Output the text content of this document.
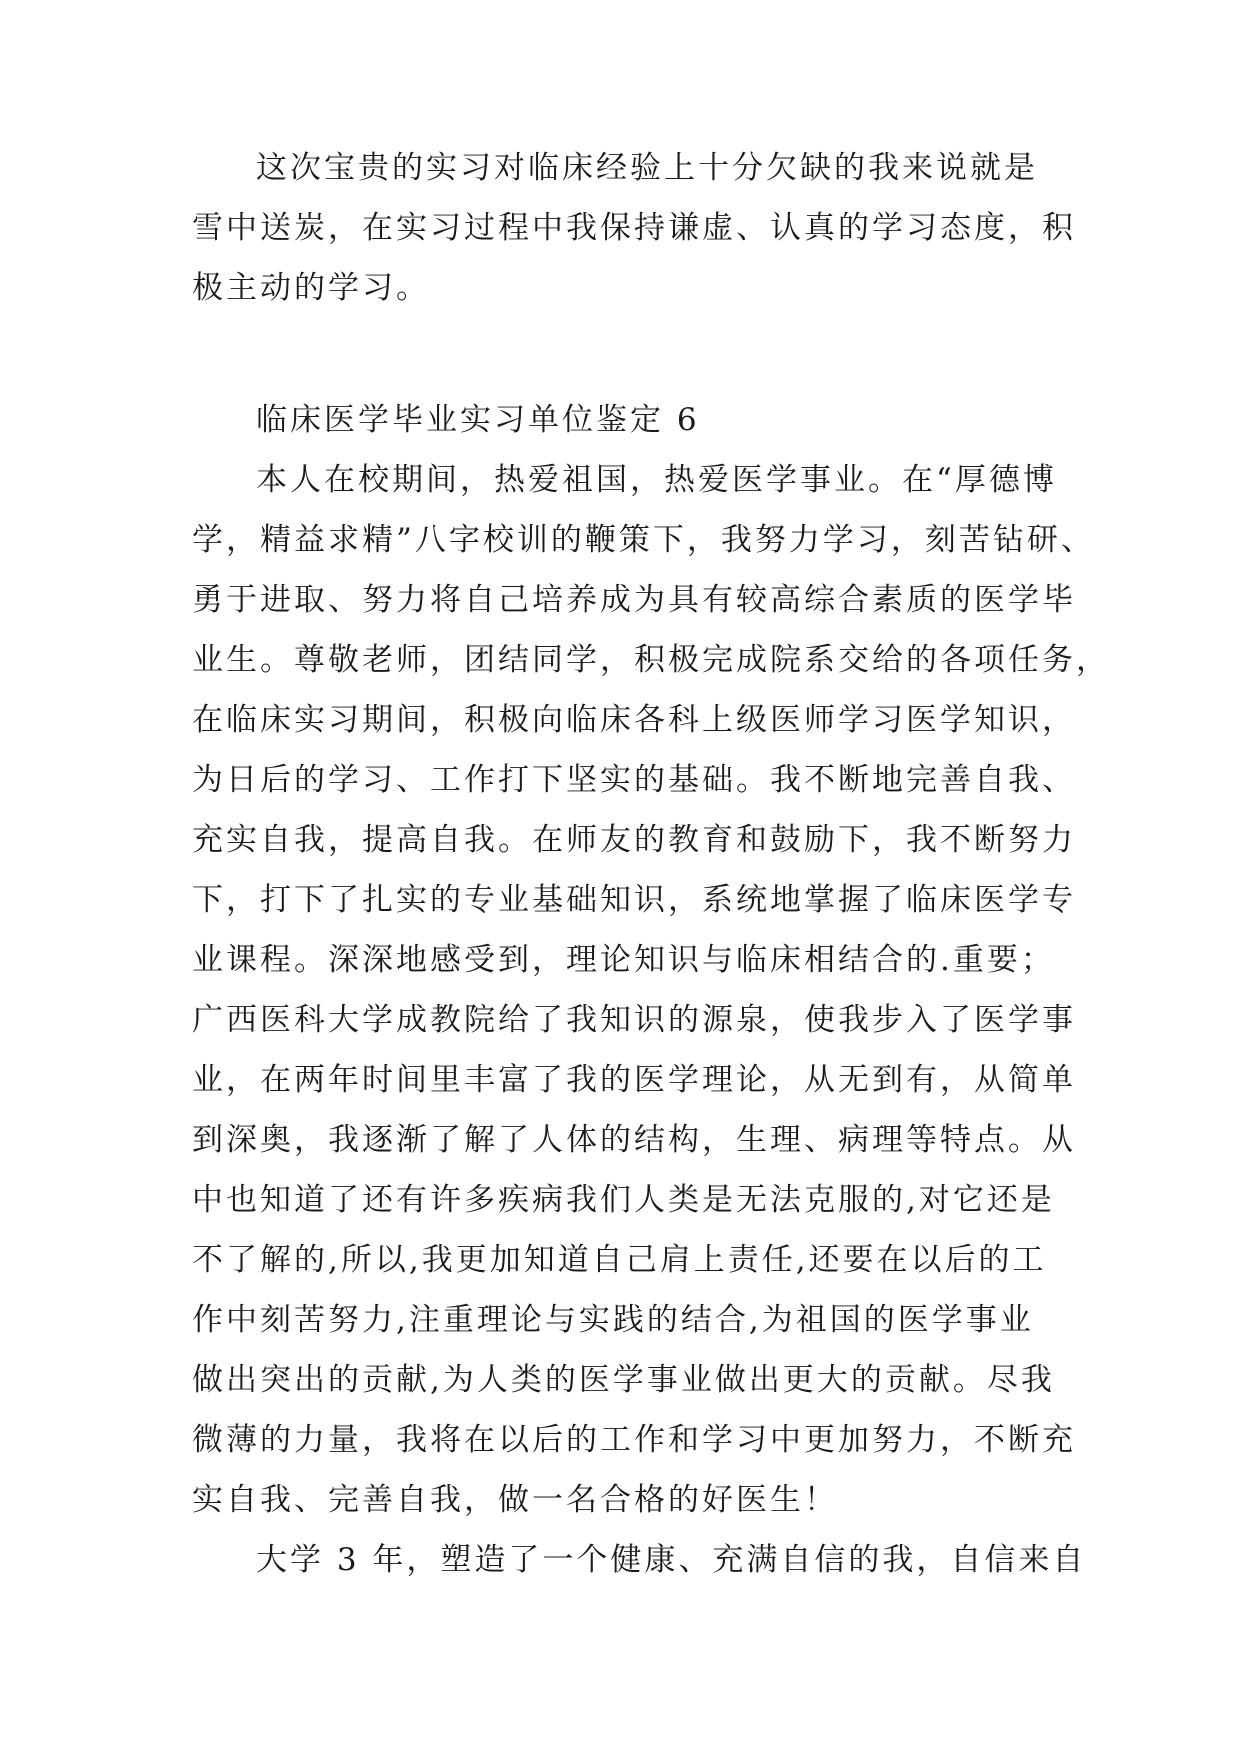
这次宝贵的实习对临床经验上十分欠缺的我来说就是
雪中送炭，在实习过程中我保持谦虚、认真的学习态度，积
极主动的学习。
临床医学毕业实习单位鉴定 6
本人在校期间，热爱祖国，热爱医学事业。在“厚德博
学，精益求精”八字校训的鞭策下，我努力学习，刻苦钻研、
勇于进取、努力将自己培养成为具有较高综合素质的医学毕
业生。尊敬老师，团结同学，积极完成院系交给的各项任务，
在临床实习期间，积极向临床各科上级医师学习医学知识，
为日后的学习、工作打下坚实的基础。我不断地完善自我、
充实自我，提高自我。在师友的教育和鼓励下，我不断努力
下，打下了扎实的专业基础知识，系统地掌握了临床医学专
业课程。深深地感受到，理论知识与临床相结合的.重要；
广西医科大学成教院给了我知识的源泉，使我步入了医学事
业，在两年时间里丰富了我的医学理论，从无到有，从简单
到深奥，我逐渐了解了人体的结构，生理、病理等特点。从
中也知道了还有许多疾病我们人类是无法克服的,对它还是
不了解的,所以,我更加知道自己肩上责任,还要在以后的工
作中刻苦努力,注重理论与实践的结合,为祖国的医学事业
做出突出的贡献,为人类的医学事业做出更大的贡献。尽我
微薄的力量，我将在以后的工作和学习中更加努力，不断充
实自我、完善自我，做一名合格的好医生！
大学 3 年，塑造了一个健康、充满自信的我，自信来自
